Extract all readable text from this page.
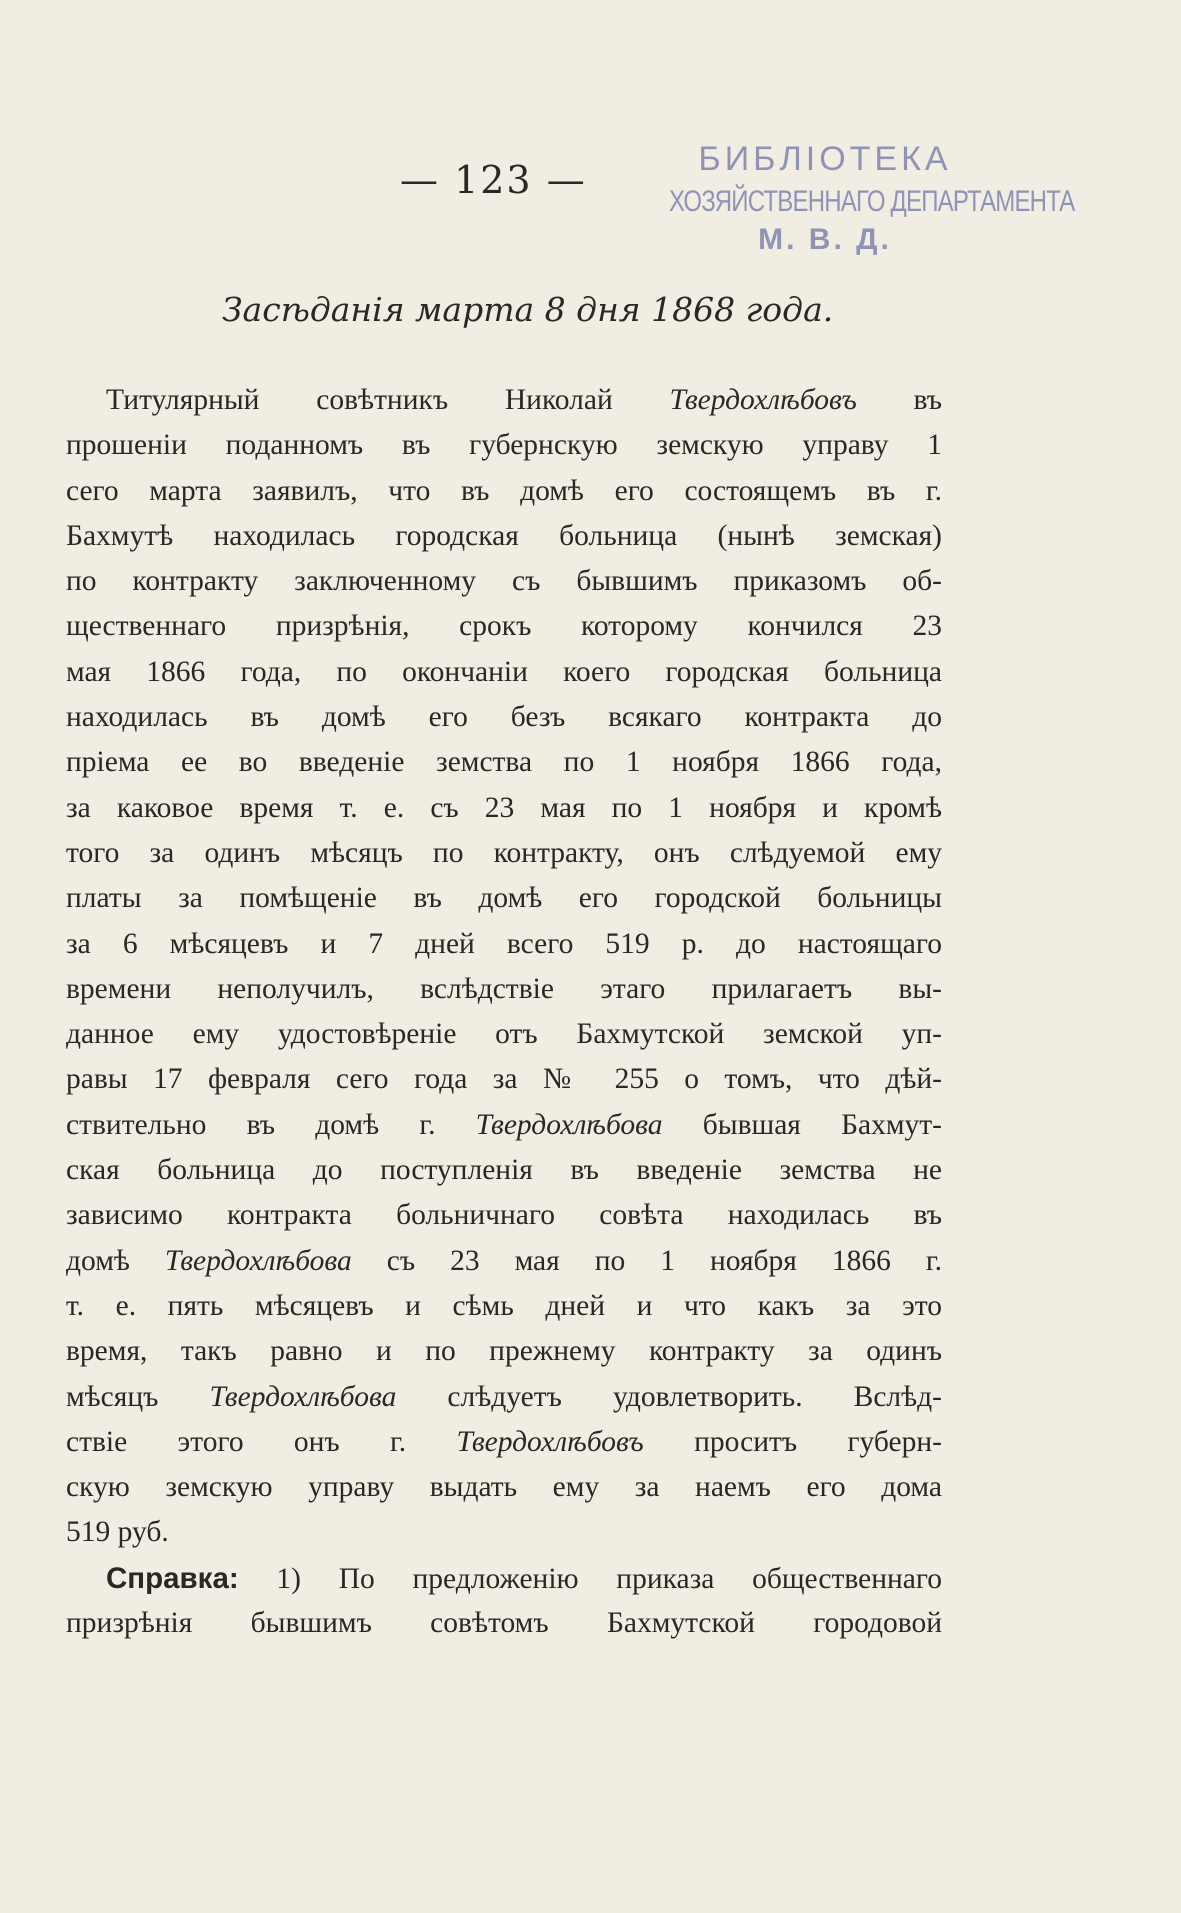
— 123 —	БИБЛIОТЕКА
ХОЗЯЙСТВЕННАГО ДЕПАРТАМЕНТА
М. В. Д.
Засѣданія марта 8 дня 1868 года.
Титулярный совѣтникъ Николай Твердохлѣбовъ въ
прошенiи поданномъ въ губернскую земскую управу 1
сего марта заявилъ, что въ домѣ его состоящемъ въ г.
Бахмутѣ находилась городская больница (нынѣ земская)
по контракту заключенному съ бывшимъ приказомъ об-
щественнаго призрѣнія, срокъ которому кончился 23
мая 1866 года, по окончанiи коего городская больница
находилась въ домѣ его безъ всякаго контракта до
пріема ее во введеніе земства по 1 ноября 1866 года,
за каковое время т. е. съ 23 мая по 1 ноября и кромѣ
того за одинъ мѣсяцъ по контракту, онъ слѣдуемой ему
платы за помѣщеніе въ домѣ его городской больницы
за 6 мѣсяцевъ и 7 дней всего 519 р. до настоящаго
времени неполучилъ, вслѣдствіе этаго прилагаетъ вы-
данное ему удостовѣреніе отъ Бахмутской земской уп-
равы 17 февраля сего года за № 255 о томъ, что дѣй-
ствительно въ домѣ г. Твердохлѣбова бывшая Бахмут-
ская больница до поступленія въ введеніе земства не
зависимо контракта больничнаго совѣта находилась въ
домѣ Твердохлѣбова съ 23 мая по 1 ноября 1866 г.
т. е. пять мѣсяцевъ и сѣмь дней и что какъ за это
время, такъ равно и по прежнему контракту за одинъ
мѣсяцъ Твердохлѣбова слѣдуетъ удовлетворить. Вслѣд-
ствіе этого онъ г. Твердохлѣбовъ проситъ губерн-
скую земскую управу выдать ему за наемъ его дома
519 руб.
Справка: 1) По предложенію приказа общественнаго
призрѣнія бывшимъ совѣтомъ Бахмутской городовой
